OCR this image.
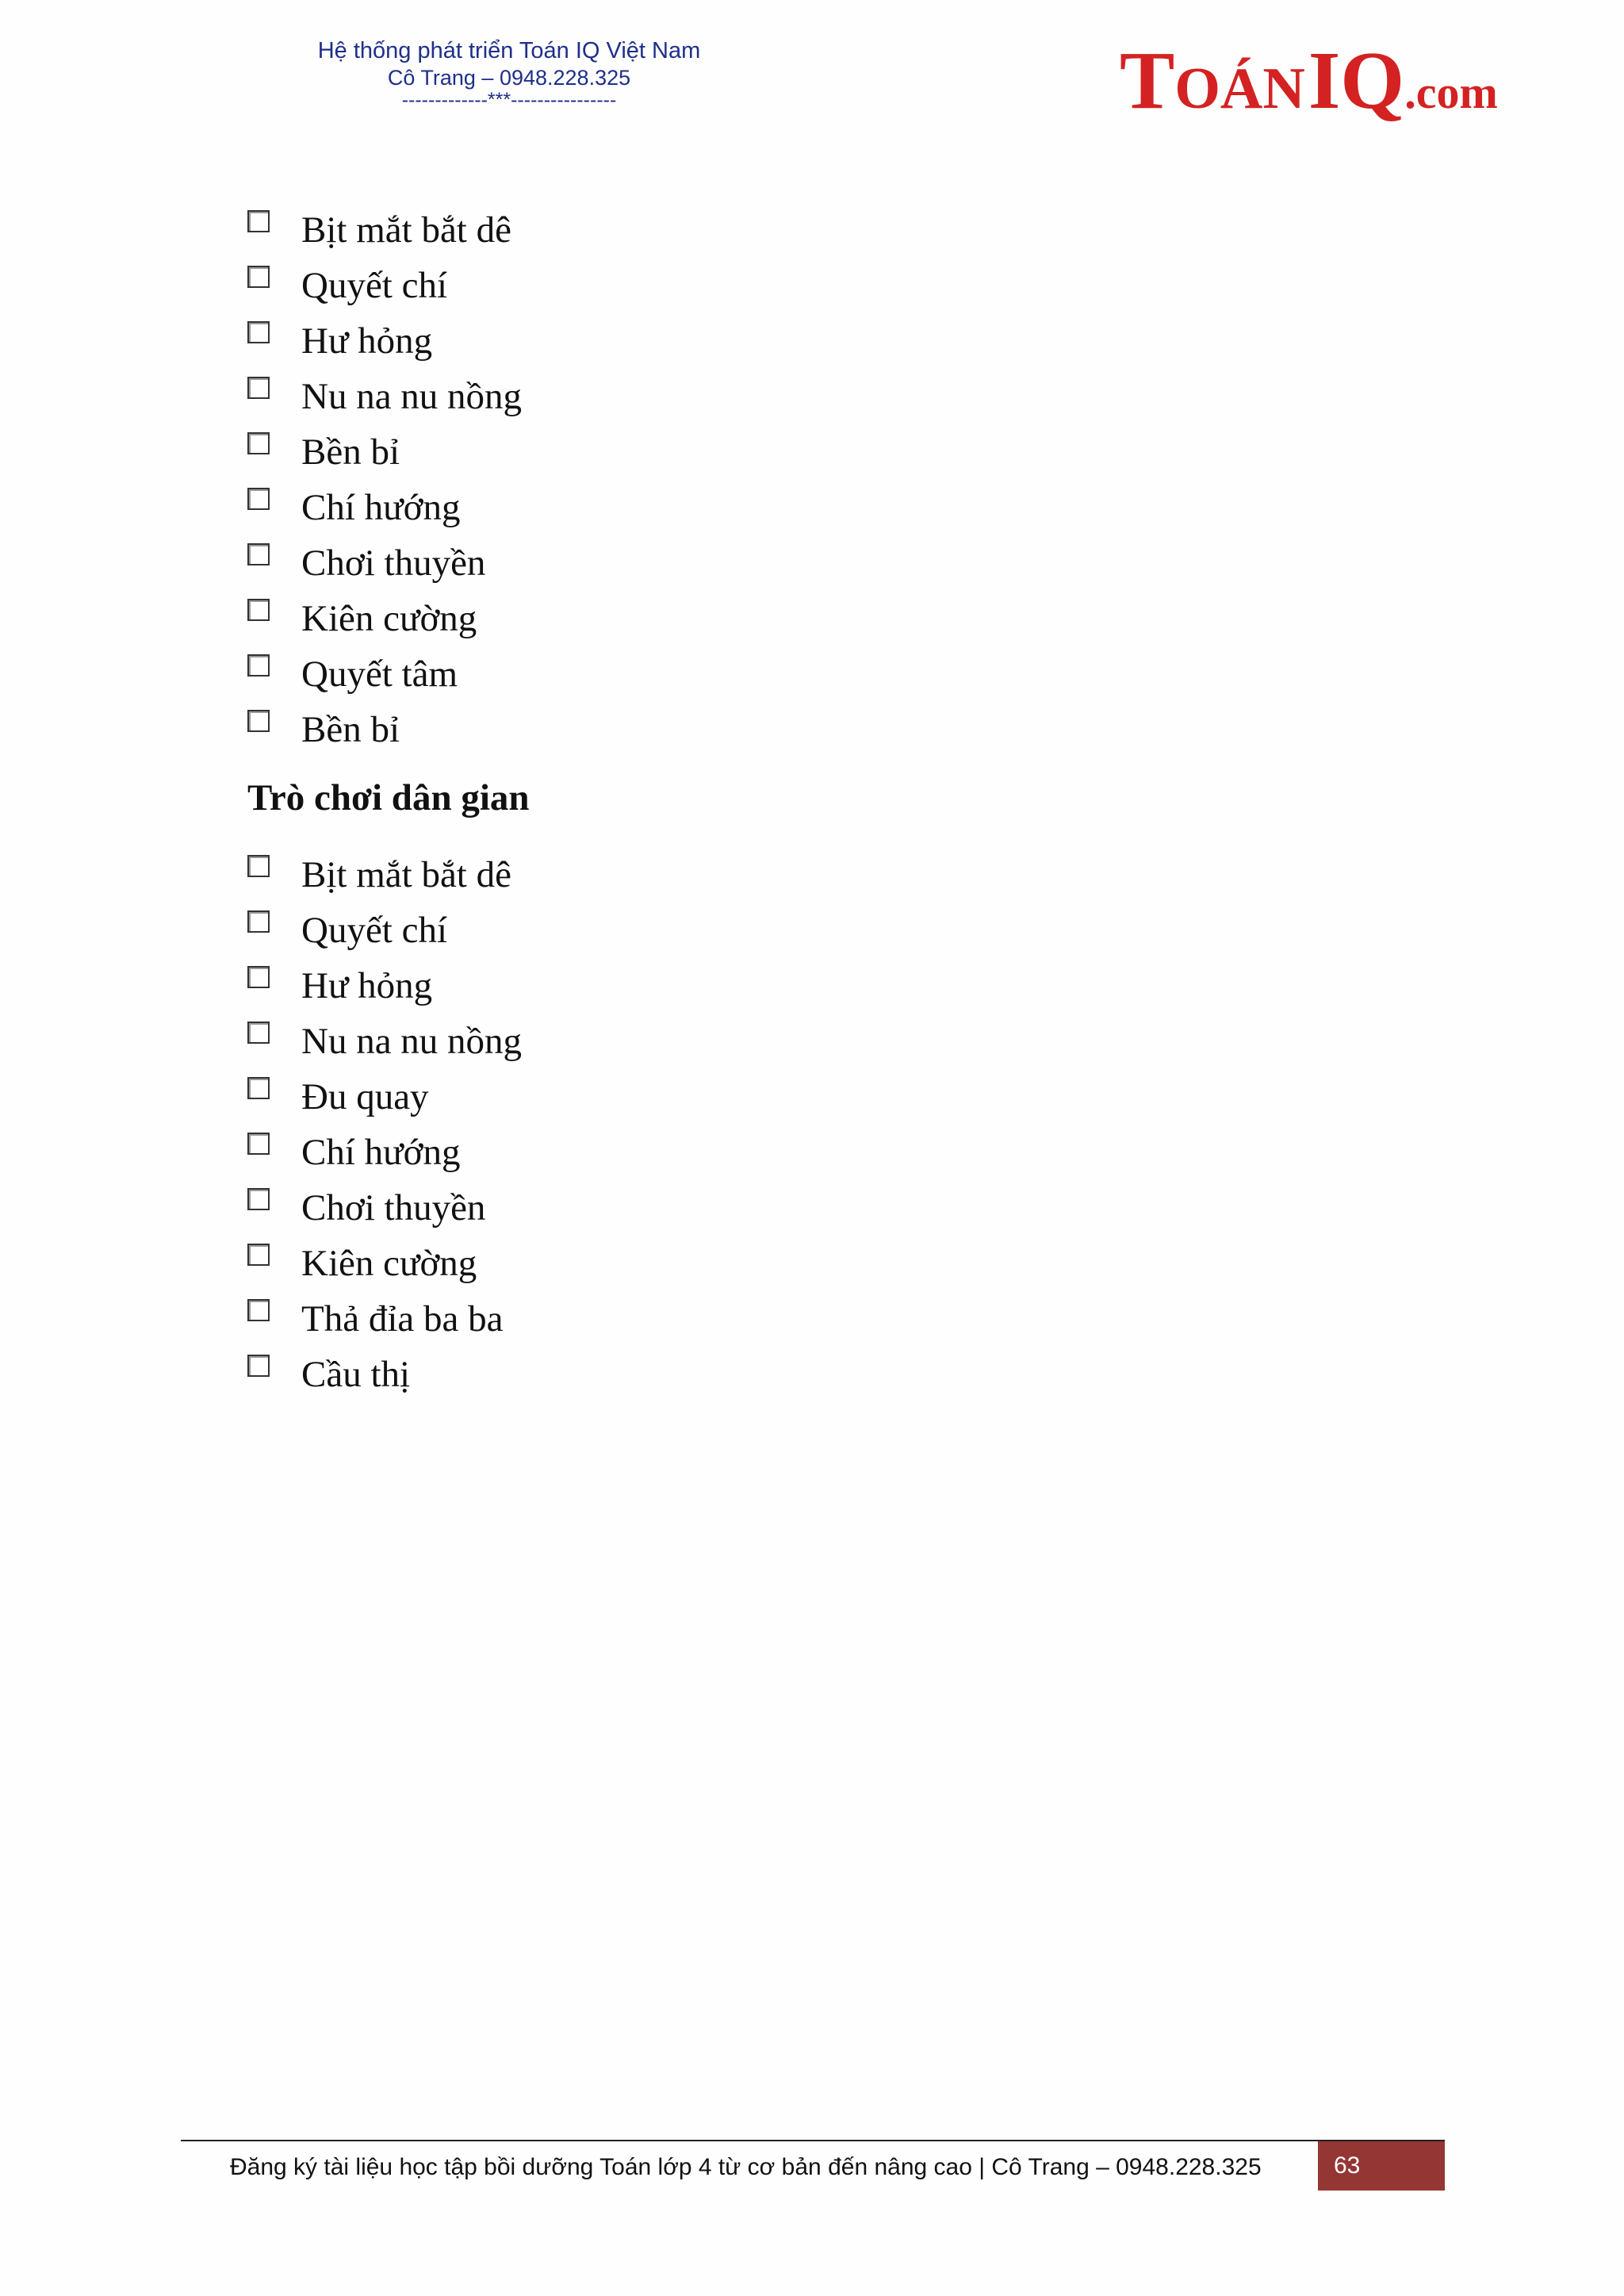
Hệ thống phát triển Toán IQ Việt Nam
Cô Trang – 0948.228.325
-------------***----------------	TOÁN IQ.com
Bịt mắt bắt dê
Quyết chí
Hư hỏng
Nu na nu nồng
Bền bỉ
Chí hướng
Chơi thuyền
Kiên cường
Quyết tâm
Bền bỉ
Trò chơi dân gian
Bịt mắt bắt dê
Quyết chí
Hư hỏng
Nu na nu nồng
Đu quay
Chí hướng
Chơi thuyền
Kiên cường
Thả đỉa ba ba
Cầu thị
Đăng ký tài liệu học tập bồi dưỡng Toán lớp 4 từ cơ bản đến nâng cao | Cô Trang – 0948.228.325	63
